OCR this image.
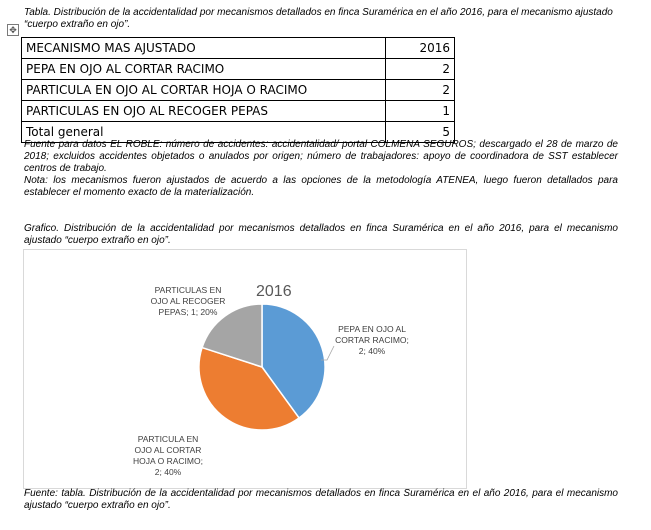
Tabla. Distribución de la accidentalidad por mecanismos detallados en finca Suramérica en el año 2016, para el mecanismo ajustado “cuerpo extraño en ojo”.

✥
MECANISMO MAS AJUSTADO	2016
PEPA EN OJO AL CORTAR RACIMO	2
PARTICULA EN OJO AL CORTAR HOJA O RACIMO	2
PARTICULAS EN OJO AL RECOGER PEPAS	1
Total general	5

Fuente para datos EL ROBLE: número de accidentes: accidentalidad/ portal COLMENA SEGUROS; descargado el 28 de marzo de 2018; excluidos accidentes objetados o anulados por origen; número de trabajadores: apoyo de coordinadora de SST establecer centros de trabajo.

Nota: los mecanismos fueron ajustados de acuerdo a las opciones de la metodología ATENEA, luego fueron detallados para establecer el momento exacto de la materialización.

Grafico. Distribución de la accidentalidad por mecanismos detallados en finca Suramérica en el año 2016, para el mecanismo ajustado “cuerpo extraño en ojo”.

2016
PEPA EN OJO AL
CORTAR RACIMO;
2; 40%
PARTICULA EN
OJO AL CORTAR
HOJA O RACIMO;
2; 40%
PARTICULAS EN
OJO AL RECOGER
PEPAS; 1; 20%

Fuente: tabla. Distribución de la accidentalidad por mecanismos detallados en finca Suramérica en el año 2016, para el mecanismo ajustado “cuerpo extraño en ojo”.
